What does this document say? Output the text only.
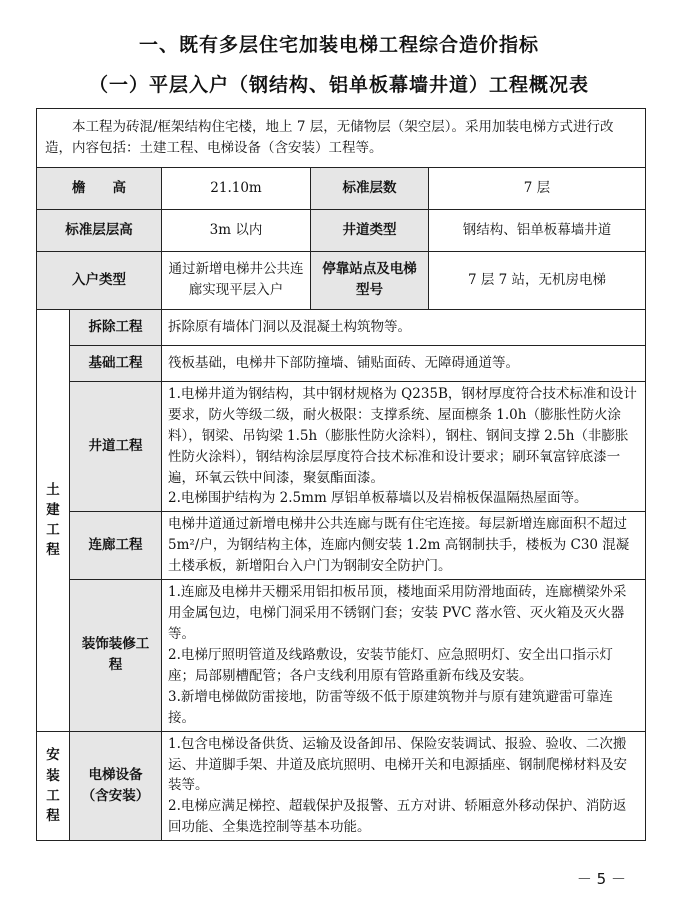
一、既有多层住宅加装电梯工程综合造价指标
（一）平层入户（钢结构、铝单板幕墙井道）工程概况表
本工程为砖混/框架结构住宅楼，地上 7 层，无储物层（架空层）。采用加装电梯方式进行改造，内容包括：土建工程、电梯设备（含安装）工程等。				
檐　　高		21.10m	标准层数	7 层
标准层层高		3m 以内	井道类型	钢结构、铝单板幕墙井道
入户类型		通过新增电梯井公共连廊实现平层入户	停靠站点及电梯型号	7 层 7 站，无机房电梯

土
建
工
程	拆除工程	拆除原有墙体门洞以及混凝土构筑物等。		
	基础工程	筏板基础，电梯井下部防撞墙、铺贴面砖、无障碍通道等。		
	井道工程	1.电梯井道为钢结构，其中钢材规格为 Q235B，钢材厚度符合技术标准和设计要求，防火等级二级，耐火极限：支撑系统、屋面檩条 1.0h（膨胀性防火涂料），钢梁、吊钩梁 1.5h（膨胀性防火涂料），钢柱、钢间支撑 2.5h（非膨胀性防火涂料），钢结构涂层厚度符合技术标准和设计要求；刷环氧富锌底漆一遍，环氧云铁中间漆，聚氨酯面漆。
2.电梯围护结构为 2.5mm 厚铝单板幕墙以及岩棉板保温隔热屋面等。		
	连廊工程	电梯井道通过新增电梯井公共连廊与既有住宅连接。每层新增连廊面积不超过 5m²/户，为钢结构主体，连廊内侧安装 1.2m 高钢制扶手，楼板为 C30 混凝土楼承板，新增阳台入户门为钢制安全防护门。		
	装饰装修工程	1.连廊及电梯井天棚采用铝扣板吊顶，楼地面采用防滑地面砖，连廊横梁外采用金属包边，电梯门洞采用不锈钢门套；安装 PVC 落水管、灭火箱及灭火器等。
2.电梯厅照明管道及线路敷设，安装节能灯、应急照明灯、安全出口指示灯座；局部剔槽配管；各户支线利用原有管路重新布线及安装。
3.新增电梯做防雷接地，防雷等级不低于原建筑物并与原有建筑避雷可靠连接。		

安
装
工
程	电梯设备（含安装）	1.包含电梯设备供货、运输及设备卸吊、保险安装调试、报验、验收、二次搬运、井道脚手架、井道及底坑照明、电梯开关和电源插座、钢制爬梯材料及安装等。
2.电梯应满足梯控、超载保护及报警、五方对讲、轿厢意外移动保护、消防返回功能、全集选控制等基本功能。		
－ 5 －
